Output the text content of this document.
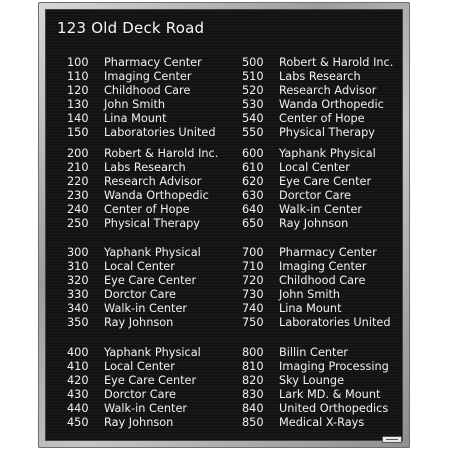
123 Old Deck Road
100 Pharmacy Center
110 Imaging Center
120 Childhood Care
130 John Smith
140 Lina Mount
150 Laboratories United
200 Robert & Harold Inc.
210 Labs Research
220 Research Advisor
230 Wanda Orthopedic
240 Center of Hope
250 Physical Therapy
300 Yaphank Physical
310 Local Center
320 Eye Care Center
330 Dorctor Care
340 Walk-in Center
350 Ray Johnson
400 Yaphank Physical
410 Local Center
420 Eye Care Center
430 Dorctor Care
440 Walk-in Center
450 Ray Johnson
500 Robert & Harold Inc.
510 Labs Research
520 Research Advisor
530 Wanda Orthopedic
540 Center of Hope
550 Physical Therapy
600 Yaphank Physical
610 Local Center
620 Eye Care Center
630 Dorctor Care
640 Walk-in Center
650 Ray Johnson
700 Pharmacy Center
710 Imaging Center
720 Childhood Care
730 John Smith
740 Lina Mount
750 Laboratories United
800 Billin Center
810 Imaging Processing
820 Sky Lounge
830 Lark MD. & Mount
840 United Orthopedics
850 Medical X-Rays
